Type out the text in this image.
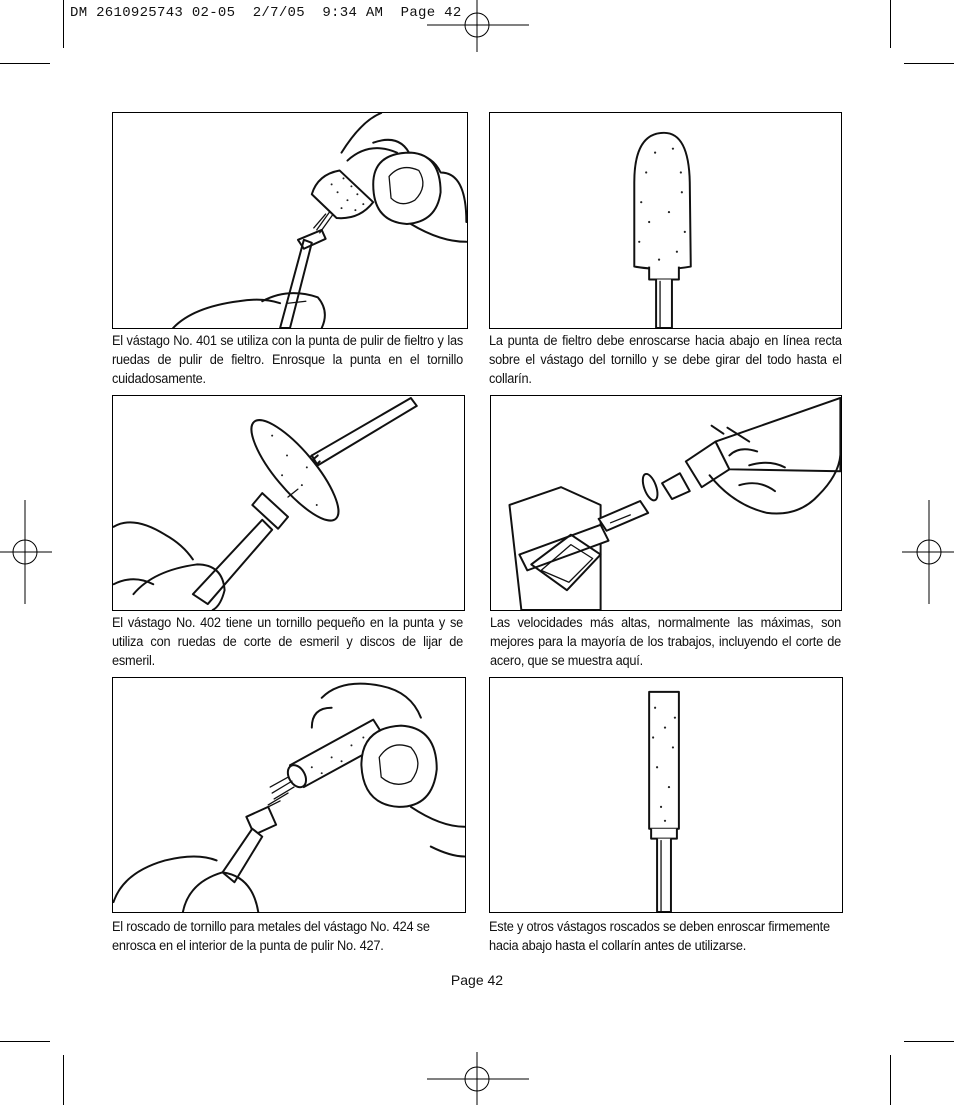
DM 2610925743 02-05  2/7/05  9:34 AM  Page 42
El vástago No. 401 se utiliza con la punta de pulir de fieltro y las ruedas de pulir de fieltro. Enrosque la punta en el tornillo cuidadosamente.
La punta de fieltro debe enroscarse hacia abajo en línea recta sobre el vástago del tornillo y se debe girar del todo hasta el collarín.
El vástago No. 402 tiene un tornillo pequeño en la punta y se utiliza con ruedas de corte de esmeril y discos de lijar de esmeril.
Las velocidades más altas, normalmente las máximas, son mejores para la mayoría de los trabajos, incluyendo el corte de acero, que se muestra aquí.
El roscado de tornillo para metales del vástago No. 424 se enrosca en el interior de la punta de pulir No. 427.
Este y otros vástagos roscados se deben enroscar firmemente hacia abajo hasta el collarín antes de utilizarse.
Page 42
